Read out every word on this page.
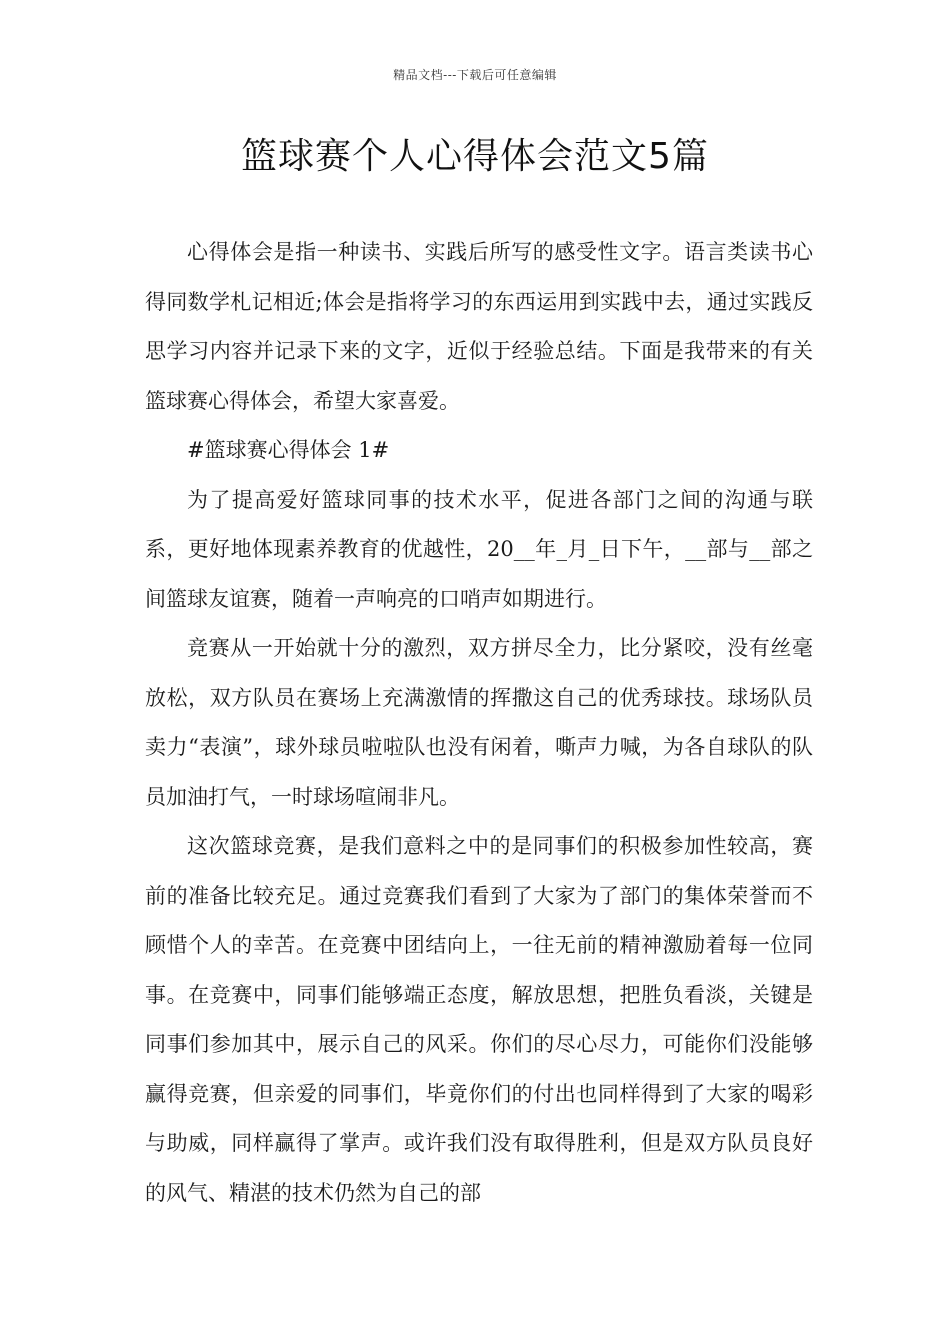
精品文档---下载后可任意编辑
篮球赛个人心得体会范文5篇

心得体会是指一种读书、实践后所写的感受性文字。语言类读书心得同数学札记相近;体会是指将学习的东西运用到实践中去，通过实践反思学习内容并记录下来的文字，近似于经验总结。下面是我带来的有关篮球赛心得体会，希望大家喜爱。

#篮球赛心得体会 1#

为了提高爱好篮球同事的技术水平，促进各部门之间的沟通与联系，更好地体现素养教育的优越性，20__年_月_日下午，__部与__部之间篮球友谊赛，随着一声响亮的口哨声如期进行。

竞赛从一开始就十分的激烈，双方拼尽全力，比分紧咬，没有丝毫放松，双方队员在赛场上充满激情的挥撒这自己的优秀球技。球场队员卖力“表演”，球外球员啦啦队也没有闲着，嘶声力喊，为各自球队的队员加油打气，一时球场喧闹非凡。

这次篮球竞赛，是我们意料之中的是同事们的积极参加性较高，赛前的准备比较充足。通过竞赛我们看到了大家为了部门的集体荣誉而不顾惜个人的幸苦。在竞赛中团结向上，一往无前的精神激励着每一位同事。在竞赛中，同事们能够端正态度，解放思想，把胜负看淡，关键是同事们参加其中，展示自己的风采。你们的尽心尽力，可能你们没能够赢得竞赛，但亲爱的同事们，毕竟你们的付出也同样得到了大家的喝彩与助威，同样赢得了掌声。或许我们没有取得胜利，但是双方队员良好的风气、精湛的技术仍然为自己的部
